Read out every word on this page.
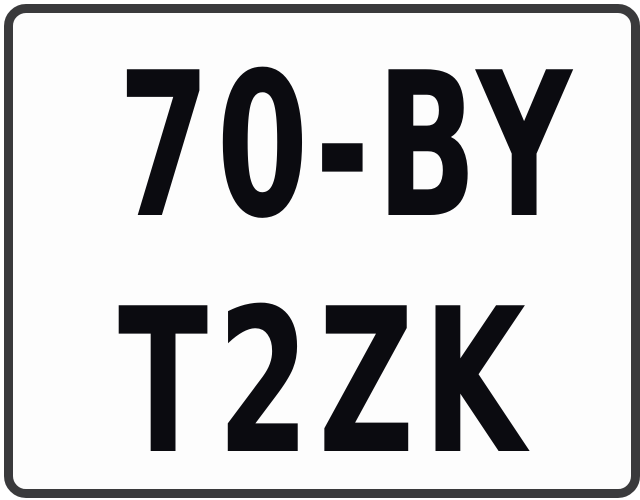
70-BY
T2ZK
